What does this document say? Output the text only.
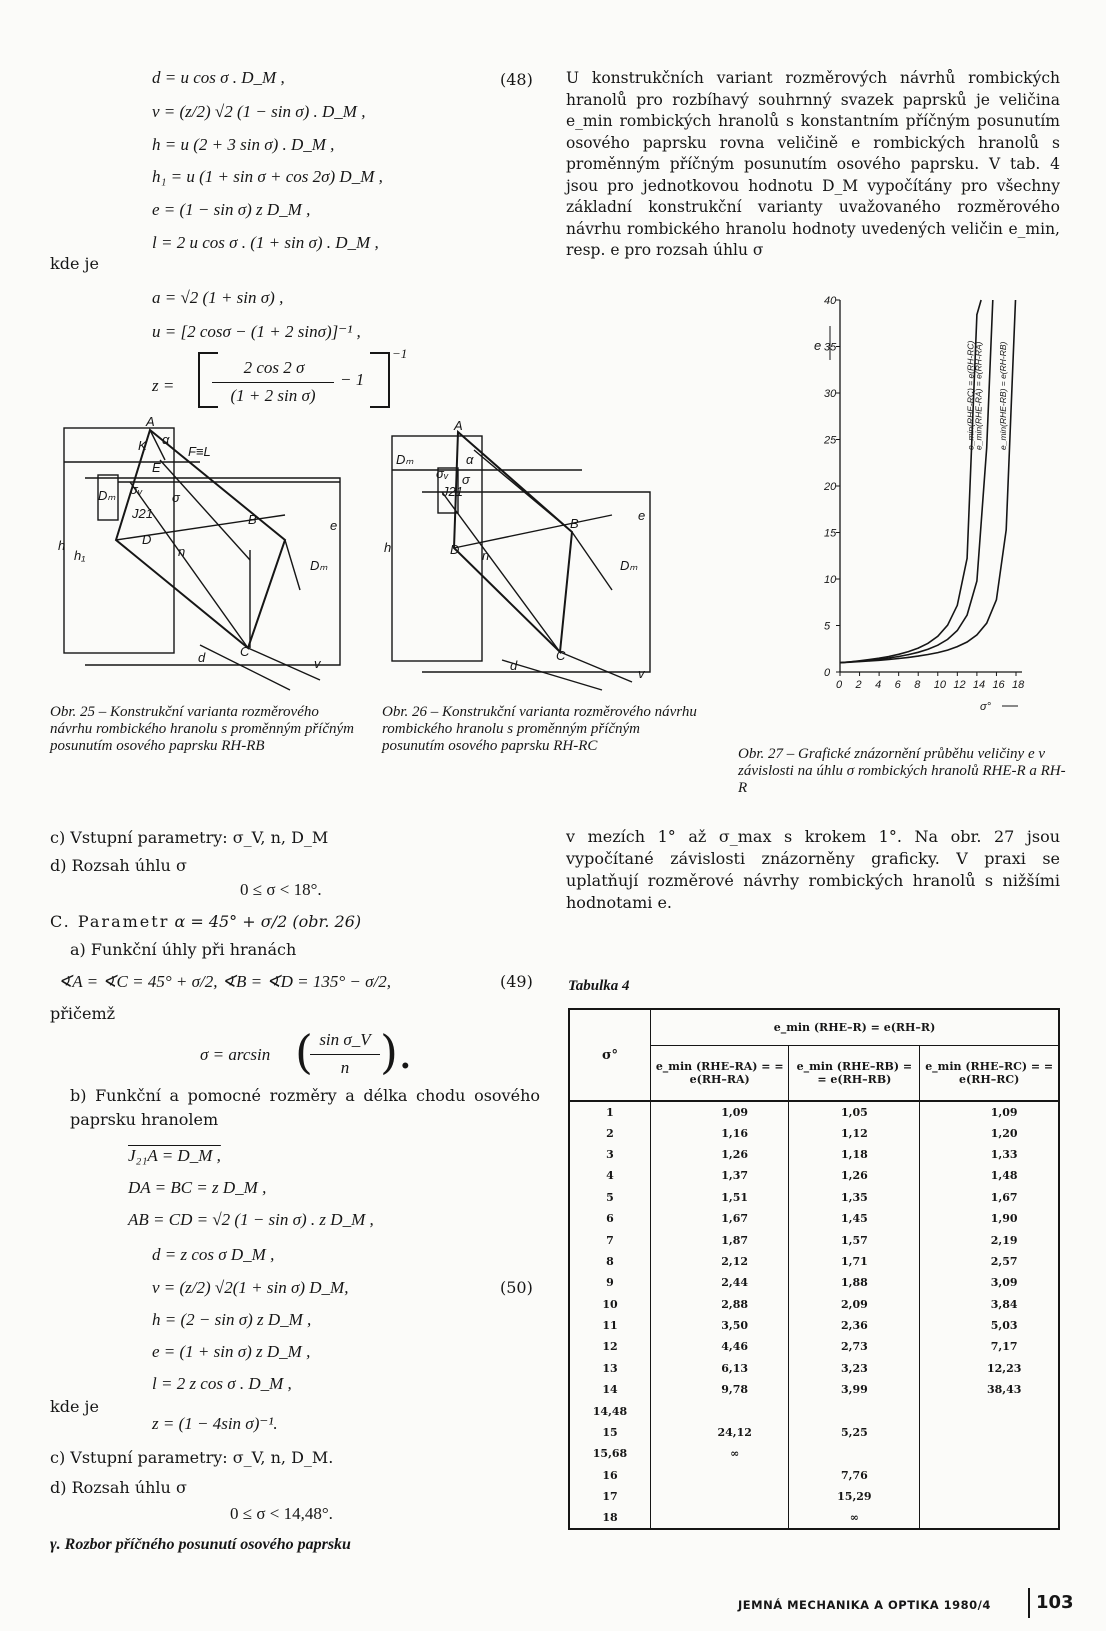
d = u cos σ . D_M ,
v = (z/2) √2 (1 − sin σ) . D_M ,
h = u (2 + 3 sin σ) . D_M ,
h₁ = u (1 + sin σ + cos 2σ) D_M ,
e = (1 − sin σ) z D_M ,
l = 2 u cos σ . (1 + sin σ) . D_M ,
(48)
kde je
a = √2 (1 + sin σ) ,
u = [2 cosσ − (1 + 2 sinσ)]⁻¹ ,
z =
2 cos 2 σ
(1 + 2 sin σ)
− 1
−1
U konstrukčních variant rozměrových návrhů rombických hranolů pro rozbíhavý souhrnný svazek paprsků je veličina e_min rombických hranolů s konstantním příčným posunutím osového paprsku rovna veličině e rombických hranolů s proměnným příčným posunutím osového paprsku. V tab. 4 jsou pro jednotkovou hodnotu D_M vypočítány pro všechny základní konstrukční varianty uvažovaného rozměrového návrhu rombického hranolu hodnoty uvedených veličin e_min, resp. e pro rozsah úhlu σ
A
K α
F≡L
E
Dₘ σᵥ
σ
J21	B
D
n
h
h₁
e
Dₘ
d	C
v
Obr. 25 – Konstrukční varianta rozměrového návrhu rombického hranolu s proměnným příčným posunutím osového paprsku RH-RB
A
Dₘ
σᵥ
α
σ
J21
B
D n
h
e
Dₘ
d
C
v
Obr. 26 – Konstrukční varianta rozměrového návrhu rombického hranolu s proměnným příčným posunutím osového paprsku RH-RC
0 2 4 6 8 10 12 14 16 18
0
5
10
15
20
25
30
35
40
e
σ°
e_min(RHE-RA) = e(RH-RA) e_min(RHE-RB) = e(RH-RB)
e_min(RHE-RC) = e(RH-RC)
Obr. 27 – Grafické znázornění průběhu veličiny e v závislosti na úhlu σ rombických hranolů RHE-R a RH-R
c) Vstupní parametry: σ_V, n, D_M
d) Rozsah úhlu σ
0 ≤ σ < 18°.
C. Parametr α = 45° + σ/2 (obr. 26)
a) Funkční úhly při hranách
∢A = ∢C = 45° + σ/2, ∢B = ∢D = 135° − σ/2,	(49)
přičemž
σ = arcsin ( sin σ_V
n ).
b) Funkční a pomocné rozměry a délka chodu osového paprsku hranolem
J₂₁A = D_M ,
DA = BC = z D_M ,
AB = CD = √2 (1 − sin σ) . z D_M ,
d = z cos σ D_M ,
v = (z/2) √2(1 + sin σ) D_M,
h = (2 − sin σ) z D_M ,
e = (1 + sin σ) z D_M ,
l = 2 z cos σ . D_M ,
(50)
kde je
z = (1 − 4sin σ)⁻¹.
c) Vstupní parametry: σ_V, n, D_M.
d) Rozsah úhlu σ
0 ≤ σ < 14,48°.
γ. Rozbor příčného posunutí osového paprsku
v mezích 1° až σ_max s krokem 1°. Na obr. 27 jsou vypočítané závislosti znázorněny graficky. V praxi se uplatňují rozměrové návrhy rombických hranolů s nižšími hodnotami e.
Tabulka 4
σ°	e_min (RHE–R) = e(RH–R)		
	e_min (RHE–RA) = = e(RH–RA)	e_min (RHE–RB) = = e(RH–RB)	e_min (RHE–RC) = = e(RH–RC)
1	1,09	1,05	1,09
2	1,16	1,12	1,20
3	1,26	1,18	1,33
4	1,37	1,26	1,48
5	1,51	1,35	1,67
6	1,67	1,45	1,90
7	1,87	1,57	2,19
8	2,12	1,71	2,57
9	2,44	1,88	3,09
10	2,88	2,09	3,84
11	3,50	2,36	5,03
12	4,46	2,73	7,17
13	6,13	3,23	12,23
14	9,78	3,99	38,43
14,48			
15	24,12	5,25	
15,68	∞		
16		7,76	
17		15,29	
18		∞	
JEMNÁ MECHANIKA A OPTIKA 1980/4	103
